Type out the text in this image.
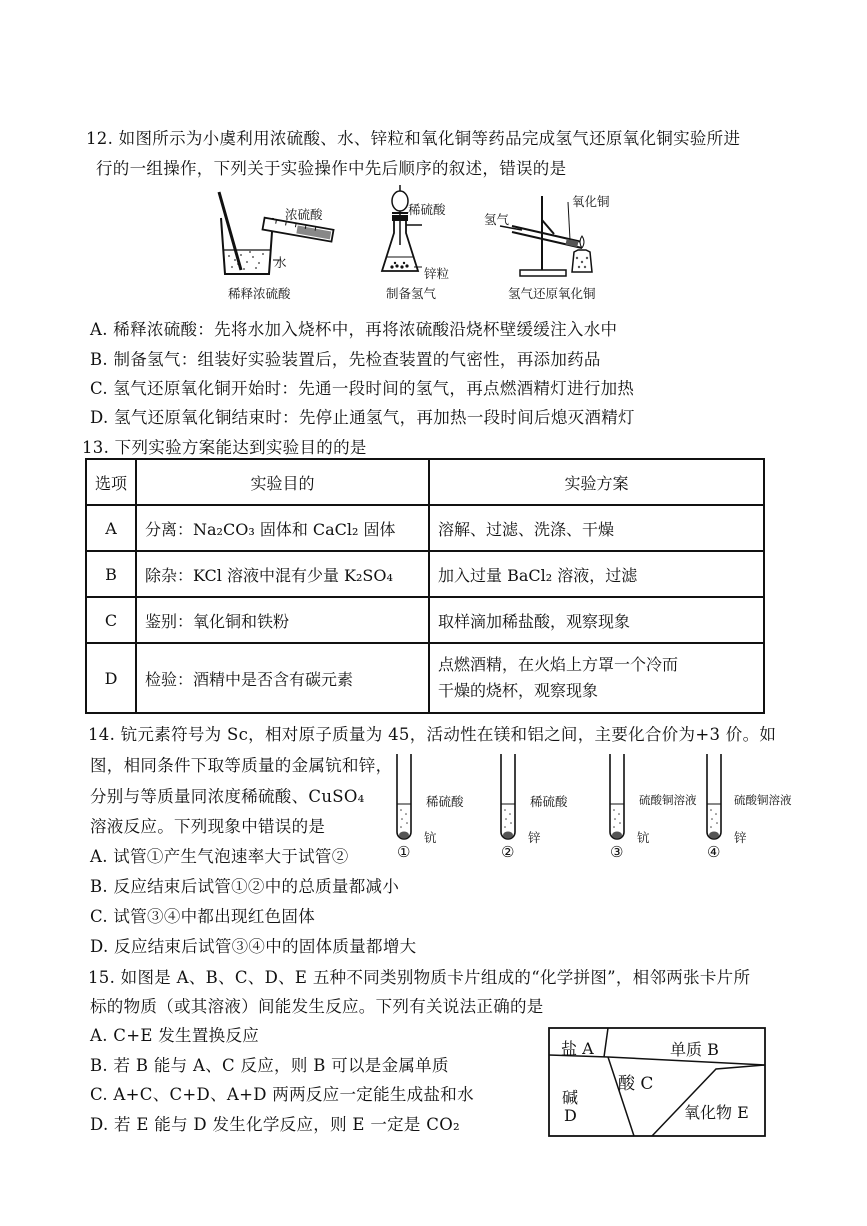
12. 如图所示为小虞利用浓硫酸、水、锌粒和氧化铜等药品完成氢气还原氧化铜实验所进
行的一组操作，下列关于实验操作中先后顺序的叙述，错误的是
浓硫酸
水
稀释浓硫酸
稀硫酸
锌粒
制备氢气
氢气
氧化铜
氢气还原氧化铜
A. 稀释浓硫酸：先将水加入烧杯中，再将浓硫酸沿烧杯壁缓缓注入水中
B. 制备氢气：组装好实验装置后，先检查装置的气密性，再添加药品
C. 氢气还原氧化铜开始时：先通一段时间的氢气，再点燃酒精灯进行加热
D. 氢气还原氧化铜结束时：先停止通氢气，再加热一段时间后熄灭酒精灯
13. 下列实验方案能达到实验目的的是
选项	实验目的	实验方案
A	分离：Na₂CO₃ 固体和 CaCl₂ 固体	溶解、过滤、洗涤、干燥
B	除杂：KCl 溶液中混有少量 K₂SO₄	加入过量 BaCl₂ 溶液，过滤
C	鉴别：氧化铜和铁粉	取样滴加稀盐酸，观察现象
D	检验：酒精中是否含有碳元素	点燃酒精，在火焰上方罩一个冷而
干燥的烧杯，观察现象
14. 钪元素符号为 Sc，相对原子质量为 45，活动性在镁和铝之间，主要化合价为+3 价。如
图，相同条件下取等质量的金属钪和锌，
分别与等质量同浓度稀硫酸、CuSO₄
溶液反应。下列现象中错误的是
稀硫酸
钪
①
稀硫酸
锌
②
硫酸铜溶液
钪
③
硫酸铜溶液
锌
④
A. 试管①产生气泡速率大于试管②
B. 反应结束后试管①②中的总质量都减小
C. 试管③④中都出现红色固体
D. 反应结束后试管③④中的固体质量都增大
15. 如图是 A、B、C、D、E 五种不同类别物质卡片组成的“化学拼图”，相邻两张卡片所
标的物质（或其溶液）间能发生反应。下列有关说法正确的是
A. C+E 发生置换反应
B. 若 B 能与 A、C 反应，则 B 可以是金属单质
C. A+C、C+D、A+D 两两反应一定能生成盐和水
D. 若 E 能与 D 发生化学反应，则 E 一定是 CO₂
盐 A	单质 B
酸 C
碱
D	氧化物 E
